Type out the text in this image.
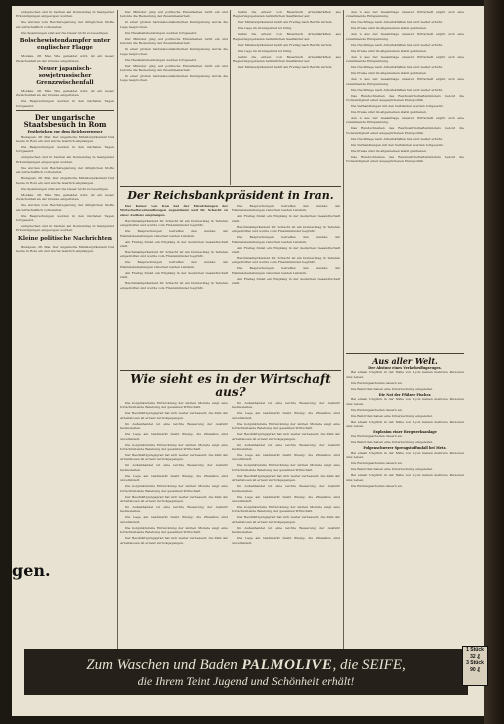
entsprechen und in Sachen am Donnerstag in Saargebiet Erkundigungen eingezogen wurden.

Sie wurden vom Reichsregierung der dringlichen Stoffe als wirtschaftlich vorbereitet.

Die Spannungen sind auf die Dauer nicht zu beseitigen.

Bolschewistendampfer unter englischer Flagge

Moskau, 28. Mai. Wie gemeldet wird, ist ein neuer Zwischenfall an der Grenze eingetreten.

Neuer japanisch-sowjetrussischer Grenzzwischenfall

Moskau, 28. Mai. Wie gemeldet wird, ist ein neuer Zwischenfall an der Grenze eingetreten.

Die Besprechungen werden in den nächsten Tagen fortgesetzt.

Der ungarische Staatsbesuch in Rom
Festbrücken vor dem Reichsverweser

Budapest, 28. Mai. Der ungarische Ministerpräsident traf heute in Rom ein und wurde feierlich empfangen.

Die Besprechungen werden in den nächsten Tagen fortgesetzt.

entsprechen und in Sachen am Donnerstag in Saargebiet Erkundigungen eingezogen wurden.

Sie wurden vom Reichsregierung der dringlichen Stoffe als wirtschaftlich vorbereitet.

Budapest, 28. Mai. Der ungarische Ministerpräsident traf heute in Rom ein und wurde feierlich empfangen.

Die Spannungen sind auf die Dauer nicht zu beseitigen.

Moskau, 28. Mai. Wie gemeldet wird, ist ein neuer Zwischenfall an der Grenze eingetreten.

Sie wurden vom Reichsregierung der dringlichen Stoffe als wirtschaftlich vorbereitet.

Die Besprechungen werden in den nächsten Tagen fortgesetzt.

entsprechen und in Sachen am Donnerstag in Saargebiet Erkundigungen eingezogen wurden.

Kleine politische Nachrichten

Budapest, 28. Mai. Der ungarische Ministerpräsident traf heute in Rom ein und wurde feierlich empfangen.

gen.

Der Minister ging auf politische Einzelheiten nicht ein und betonte die Bedeutung der Zusammenarbeit.

In einer großen nationalsozialistischen Kundgebung wurde die Lage besprochen.

Die Haushaltsberatungen werden fortgesetzt.

Der Minister ging auf politische Einzelheiten nicht ein und betonte die Bedeutung der Zusammenarbeit.

In einer großen nationalsozialistischen Kundgebung wurde die Lage besprochen.

Die Haushaltsberatungen werden fortgesetzt.

Der Minister ging auf politische Einzelheiten nicht ein und betonte die Bedeutung der Zusammenarbeit.

In einer großen nationalsozialistischen Kundgebung wurde die Lage besprochen.

nahm die erneut von Bauernsch Arbeitskräften aus Regierungsgebieten befindlichen Saarländer auf.

Der Ministerpräsident kehrt am Freitag nach Berlin zurück.

Die Lage im Grenzgebiet ist ruhig.

nahm die erneut von Bauernsch Arbeitskräften aus Regierungsgebieten befindlichen Saarländer auf.

Der Ministerpräsident kehrt am Freitag nach Berlin zurück.

Die Lage im Grenzgebiet ist ruhig.

nahm die erneut von Bauernsch Arbeitskräften aus Regierungsgebieten befindlichen Saarländer auf.

Der Ministerpräsident kehrt am Freitag nach Berlin zurück.

Der Reichsbankpräsident in Iran.

Der Kaiser von Iran hat der Einwirkungen der Wirtschaftsverhandlungen zugestimmt und Dr. Schacht zu einer Audienz empfangen.

Reichsbankpräsident Dr. Schacht ist am Donnerstag in Teheran eingetroffen und wurde vom Finanzminister begrüßt.

Die Besprechungen betreffen den Ausbau der Handelsbeziehungen zwischen beiden Ländern.

Am Freitag findet ein Empfang in der deutschen Gesandtschaft statt.

Reichsbankpräsident Dr. Schacht ist am Donnerstag in Teheran eingetroffen und wurde vom Finanzminister begrüßt.

Die Besprechungen betreffen den Ausbau der Handelsbeziehungen zwischen beiden Ländern.

Am Freitag findet ein Empfang in der deutschen Gesandtschaft statt.

Reichsbankpräsident Dr. Schacht ist am Donnerstag in Teheran eingetroffen und wurde vom Finanzminister begrüßt.

Die Besprechungen betreffen den Ausbau der Handelsbeziehungen zwischen beiden Ländern.

Am Freitag findet ein Empfang in der deutschen Gesandtschaft statt.

Reichsbankpräsident Dr. Schacht ist am Donnerstag in Teheran eingetroffen und wurde vom Finanzminister begrüßt.

Die Besprechungen betreffen den Ausbau der Handelsbeziehungen zwischen beiden Ländern.

Am Freitag findet ein Empfang in der deutschen Gesandtschaft statt.

Reichsbankpräsident Dr. Schacht ist am Donnerstag in Teheran eingetroffen und wurde vom Finanzminister begrüßt.

Die Besprechungen betreffen den Ausbau der Handelsbeziehungen zwischen beiden Ländern.

Am Freitag findet ein Empfang in der deutschen Gesandtschaft statt.

Wie sieht es in der Wirtschaft aus?

Die konjunkturelle Entwicklung der letzten Monate zeigt eine fortschreitende Belebung der gesamten Wirtschaft.

Der Beschäftigungsgrad hat sich weiter verbessert, die Zahl der Arbeitslosen ist erneut zurückgegangen.

Im Außenhandel ist eine leichte Besserung der Ausfuhr festzustellen.

Die Lage am Geldmarkt bleibt flüssig; die Zinssätze sind unverändert.

Die konjunkturelle Entwicklung der letzten Monate zeigt eine fortschreitende Belebung der gesamten Wirtschaft.

Der Beschäftigungsgrad hat sich weiter verbessert, die Zahl der Arbeitslosen ist erneut zurückgegangen.

Im Außenhandel ist eine leichte Besserung der Ausfuhr festzustellen.

Die Lage am Geldmarkt bleibt flüssig; die Zinssätze sind unverändert.

Die konjunkturelle Entwicklung der letzten Monate zeigt eine fortschreitende Belebung der gesamten Wirtschaft.

Der Beschäftigungsgrad hat sich weiter verbessert, die Zahl der Arbeitslosen ist erneut zurückgegangen.

Im Außenhandel ist eine leichte Besserung der Ausfuhr festzustellen.

Die Lage am Geldmarkt bleibt flüssig; die Zinssätze sind unverändert.

Die konjunkturelle Entwicklung der letzten Monate zeigt eine fortschreitende Belebung der gesamten Wirtschaft.

Der Beschäftigungsgrad hat sich weiter verbessert, die Zahl der Arbeitslosen ist erneut zurückgegangen.

Im Außenhandel ist eine leichte Besserung der Ausfuhr festzustellen.

Die Lage am Geldmarkt bleibt flüssig; die Zinssätze sind unverändert.

Die konjunkturelle Entwicklung der letzten Monate zeigt eine fortschreitende Belebung der gesamten Wirtschaft.

Der Beschäftigungsgrad hat sich weiter verbessert, die Zahl der Arbeitslosen ist erneut zurückgegangen.

Im Außenhandel ist eine leichte Besserung der Ausfuhr festzustellen.

Die Lage am Geldmarkt bleibt flüssig; die Zinssätze sind unverändert.

Die konjunkturelle Entwicklung der letzten Monate zeigt eine fortschreitende Belebung der gesamten Wirtschaft.

Der Beschäftigungsgrad hat sich weiter verbessert, die Zahl der Arbeitslosen ist erneut zurückgegangen.

Im Außenhandel ist eine leichte Besserung der Ausfuhr festzustellen.

Die Lage am Geldmarkt bleibt flüssig; die Zinssätze sind unverändert.

Die konjunkturelle Entwicklung der letzten Monate zeigt eine fortschreitende Belebung der gesamten Wirtschaft.

Der Beschäftigungsgrad hat sich weiter verbessert, die Zahl der Arbeitslosen ist erneut zurückgegangen.

Im Außenhandel ist eine leichte Besserung der Ausfuhr festzustellen.

Die Lage am Geldmarkt bleibt flüssig; die Zinssätze sind unverändert.

den n aus der Gesamtlage unserer Wirtschaft ergibt sich eine zunehmende Entspannung.

Die Nachfrage nach Arbeitskräften hat sich weiter erhöht.

Die Preise sind im allgemeinen stabil geblieben.

den n aus der Gesamtlage unserer Wirtschaft ergibt sich eine zunehmende Entspannung.

Die Nachfrage nach Arbeitskräften hat sich weiter erhöht.

Die Preise sind im allgemeinen stabil geblieben.

den n aus der Gesamtlage unserer Wirtschaft ergibt sich eine zunehmende Entspannung.

Die Nachfrage nach Arbeitskräften hat sich weiter erhöht.

Die Preise sind im allgemeinen stabil geblieben.

den n aus der Gesamtlage unserer Wirtschaft ergibt sich eine zunehmende Entspannung.

Die Nachfrage nach Arbeitskräften hat sich weiter erhöht.

Das Rundschreiben des Reichswirtschaftsministers betont die Notwendigkeit einer ausgeglichenen Preispolitik.

Die Verhandlungen mit den Verbänden werden fortgesetzt.

Die Preise sind im allgemeinen stabil geblieben.

den n aus der Gesamtlage unserer Wirtschaft ergibt sich eine zunehmende Entspannung.

Das Rundschreiben des Reichswirtschaftsministers betont die Notwendigkeit einer ausgeglichenen Preispolitik.

Die Nachfrage nach Arbeitskräften hat sich weiter erhöht.

Die Verhandlungen mit den Verbänden werden fortgesetzt.

Die Preise sind im allgemeinen stabil geblieben.

Das Rundschreiben des Reichswirtschaftsministers betont die Notwendigkeit einer ausgeglichenen Preispolitik.

Aus aller Welt.
Der Absturz eines Verkehrsflugzeuges.

Bei einem Unglück in der Nähe von Lyon kamen mehrere Personen ums Leben.

Die Rettungsarbeiten dauern an.

Die Behörden haben eine Untersuchung eingeleitet.

Die Not der Pfälzer Fischer.

Bei einem Unglück in der Nähe von Lyon kamen mehrere Personen ums Leben.

Die Rettungsarbeiten dauern an.

Die Behörden haben eine Untersuchung eingeleitet.

Bei einem Unglück in der Nähe von Lyon kamen mehrere Personen ums Leben.

Explosion einer Bergwerksanlage

Die Rettungsarbeiten dauern an.

Die Behörden haben eine Untersuchung eingeleitet.

Folgenschwerer Sprengstoffunfall bei Metz.

Bei einem Unglück in der Nähe von Lyon kamen mehrere Personen ums Leben.

Die Rettungsarbeiten dauern an.

Die Behörden haben eine Untersuchung eingeleitet.

Bei einem Unglück in der Nähe von Lyon kamen mehrere Personen ums Leben.

Die Rettungsarbeiten dauern an.

Zum Waschen und Baden PALMOLIVE, die SEIFE,
die Ihrem Teint Jugend und Schönheit erhält!
1 Stück
32 ₰
3 Stück
90 ₰
